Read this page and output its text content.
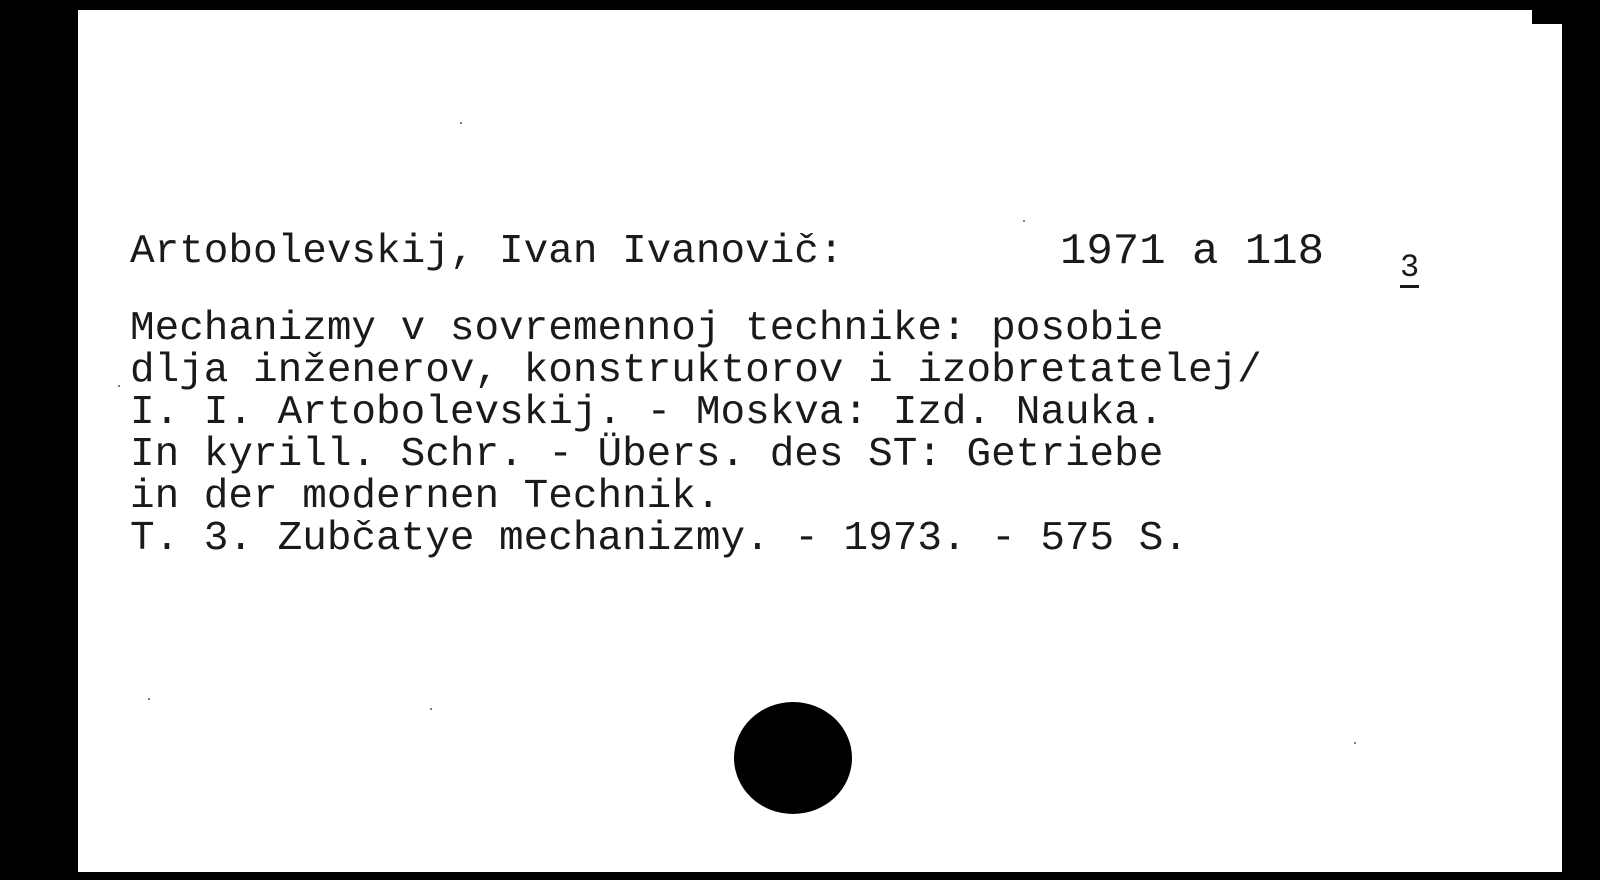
Artobolevskij, Ivan Ivanovič:

	1971 a 118

3
Mechanizmy v sovremennoj technike: posobie
dlja inženerov, konstruktorov i izobretatelej/
I. I. Artobolevskij. - Moskva: Izd. Nauka.
In kyrill. Schr. - Übers. des ST: Getriebe
in der modernen Technik.
T. 3. Zubčatye mechanizmy. - 1973. - 575 S.
